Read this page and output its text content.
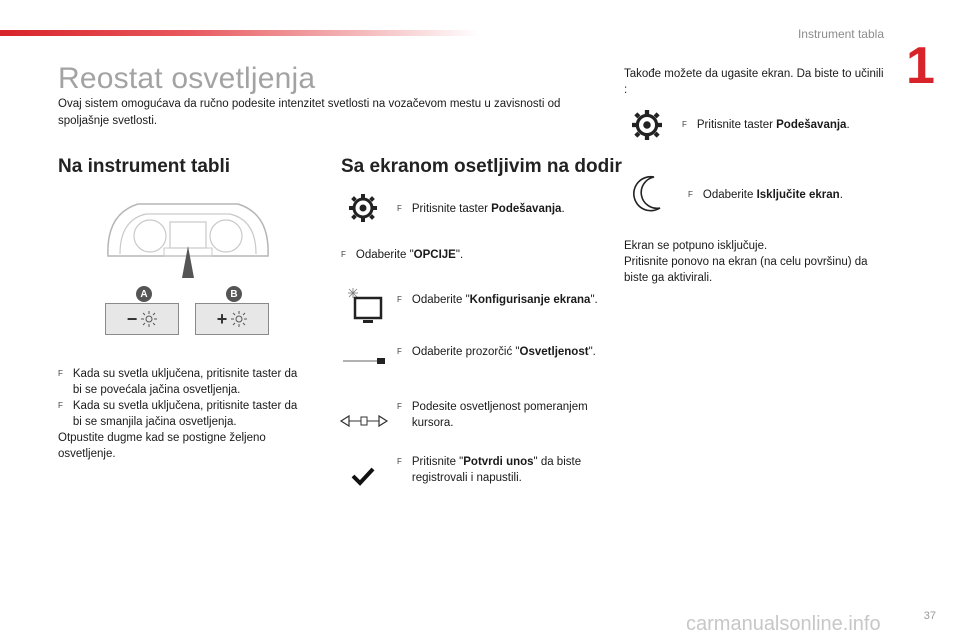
Instrument tabla
1
Reostat osvetljenja
Ovaj sistem omogućava da ručno podesite intenzitet svetlosti na vozačevom mestu u zavisnosti od spoljašnje svetlosti.
Na instrument tabli
A	B
−	+
F Kada su svetla uključena, pritisnite taster da bi se povećala jačina osvetljenja.
F Kada su svetla uključena, pritisnite taster da bi se smanjila jačina osvetljenja.
Otpustite dugme kad se postigne željeno osvetljenje.
Sa ekranom osetljivim na dodir
F Pritisnite taster Podešavanja.
F Odaberite "OPCIJE".
F Odaberite "Konfigurisanje ekrana".
F Odaberite prozorčić "Osvetljenost".
F Podesite osvetljenost pomeranjem kursora.
F Pritisnite "Potvrdi unos" da biste registrovali i napustili.
Takođe možete da ugasite ekran. Da biste to učinili :
F Pritisnite taster Podešavanja.
F Odaberite Isključite ekran.
Ekran se potpuno isključuje.
Pritisnite ponovo na ekran (na celu površinu) da biste ga aktivirali.
carmanualsonline.info	37
